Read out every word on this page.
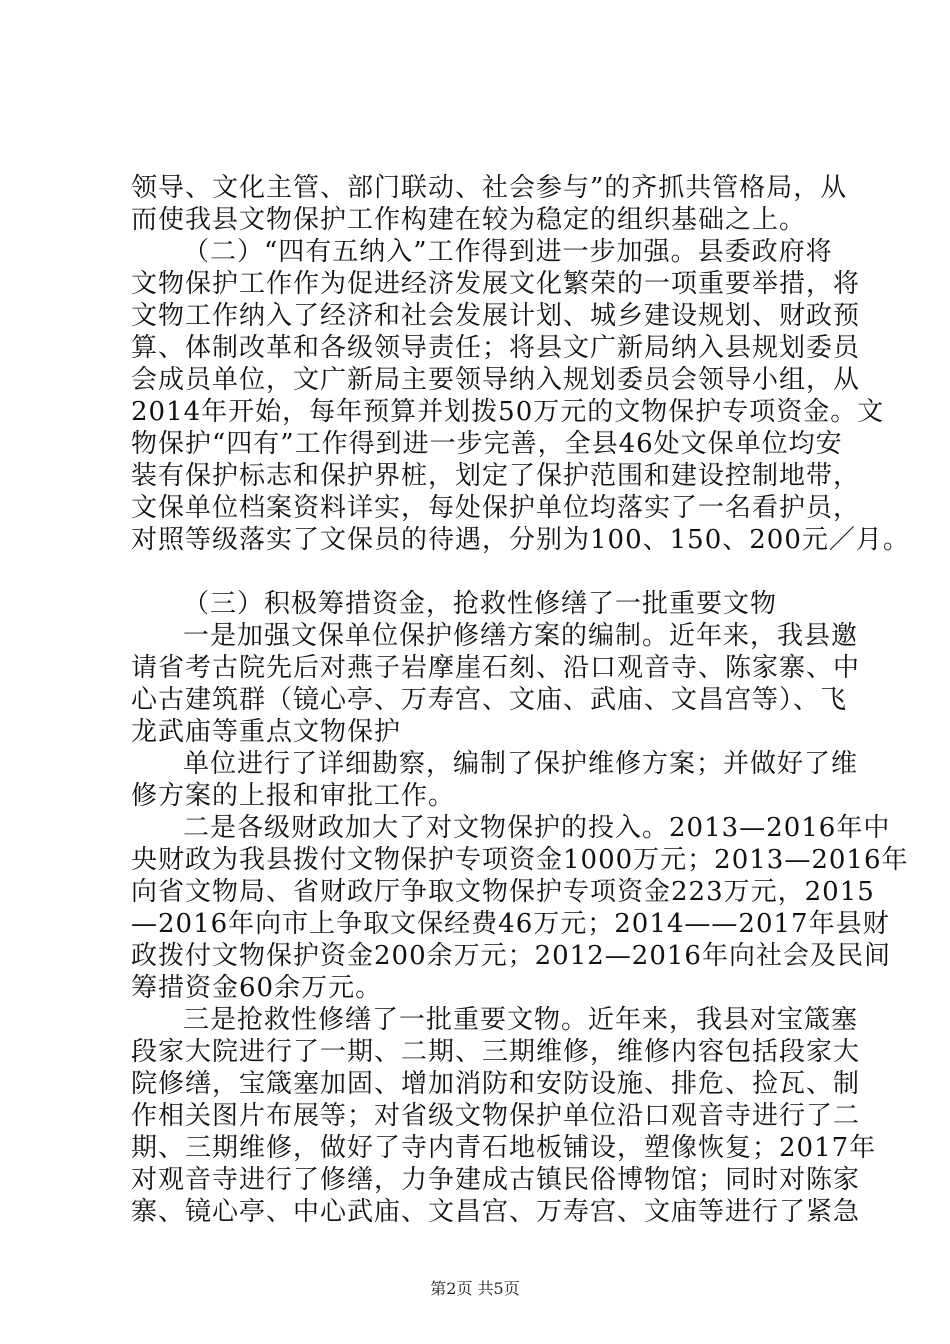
领导、文化主管、部门联动、社会参与”的齐抓共管格局，从
而使我县文物保护工作构建在较为稳定的组织基础之上。
（二）“四有五纳入”工作得到进一步加强。县委政府将
文物保护工作作为促进经济发展文化繁荣的一项重要举措，将
文物工作纳入了经济和社会发展计划、城乡建设规划、财政预
算、体制改革和各级领导责任；将县文广新局纳入县规划委员
会成员单位，文广新局主要领导纳入规划委员会领导小组，从
2014年开始，每年预算并划拨50万元的文物保护专项资金。文
物保护“四有”工作得到进一步完善，全县46处文保单位均安
装有保护标志和保护界桩，划定了保护范围和建设控制地带，
文保单位档案资料详实，每处保护单位均落实了一名看护员，
对照等级落实了文保员的待遇，分别为100、150、200元／月。
（三）积极筹措资金，抢救性修缮了一批重要文物
一是加强文保单位保护修缮方案的编制。近年来，我县邀
请省考古院先后对燕子岩摩崖石刻、沿口观音寺、陈家寨、中
心古建筑群（镜心亭、万寿宫、文庙、武庙、文昌宫等）、飞
龙武庙等重点文物保护
单位进行了详细勘察，编制了保护维修方案；并做好了维
修方案的上报和审批工作。
二是各级财政加大了对文物保护的投入。2013—2016年中
央财政为我县拨付文物保护专项资金1000万元；2013—2016年
向省文物局、省财政厅争取文物保护专项资金223万元，2015
—2016年向市上争取文保经费46万元；2014——2017年县财
政拨付文物保护资金200余万元；2012—2016年向社会及民间
筹措资金60余万元。
三是抢救性修缮了一批重要文物。近年来，我县对宝箴塞
段家大院进行了一期、二期、三期维修，维修内容包括段家大
院修缮，宝箴塞加固、增加消防和安防设施、排危、捡瓦、制
作相关图片布展等；对省级文物保护单位沿口观音寺进行了二
期、三期维修，做好了寺内青石地板铺设，塑像恢复；2017年
对观音寺进行了修缮，力争建成古镇民俗博物馆；同时对陈家
寨、镜心亭、中心武庙、文昌宫、万寿宫、文庙等进行了紧急
第2页 共5页
